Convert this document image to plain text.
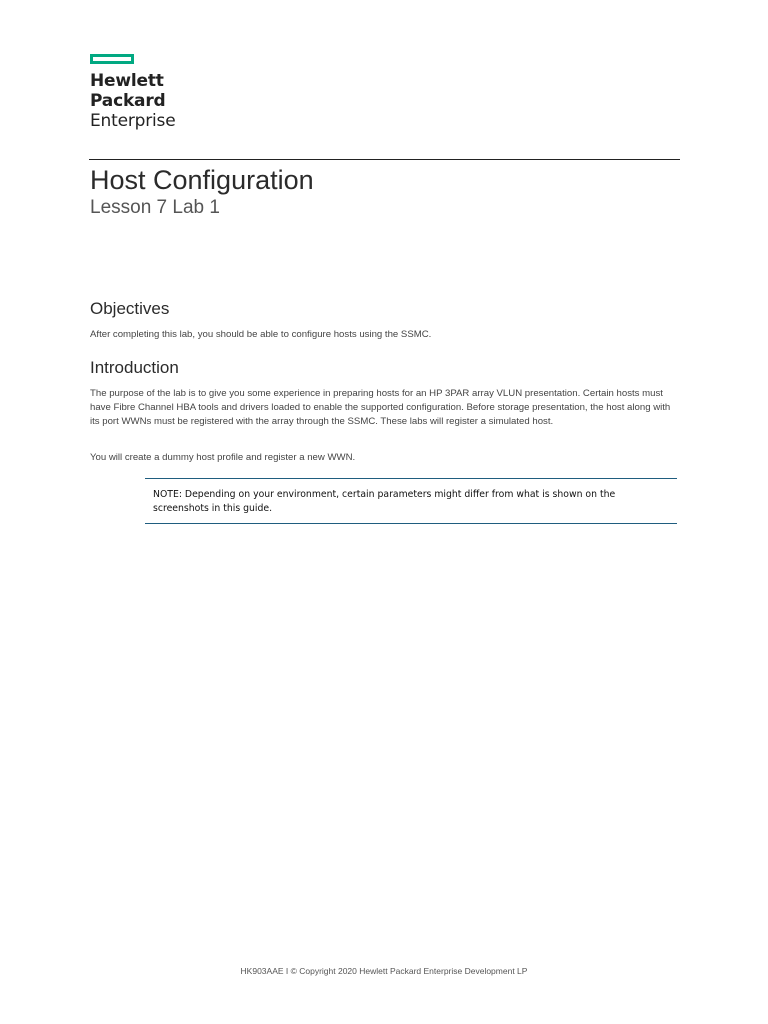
Hewlett Packard
Enterprise
Host Configuration
Lesson 7 Lab 1
Objectives

After completing this lab, you should be able to configure hosts using the SSMC.

Introduction

The purpose of the lab is to give you some experience in preparing hosts for an HP 3PAR array VLUN presentation. Certain hosts must have Fibre Channel HBA tools and drivers loaded to enable the supported configuration. Before storage presentation, the host along with its port WWNs must be registered with the array through the SSMC. These labs will register a simulated host.

You will create a dummy host profile and register a new WWN.

NOTE: Depending on your environment, certain parameters might differ from what is shown on the screenshots in this guide.

HK903AAE I © Copyright 2020 Hewlett Packard Enterprise Development LP
